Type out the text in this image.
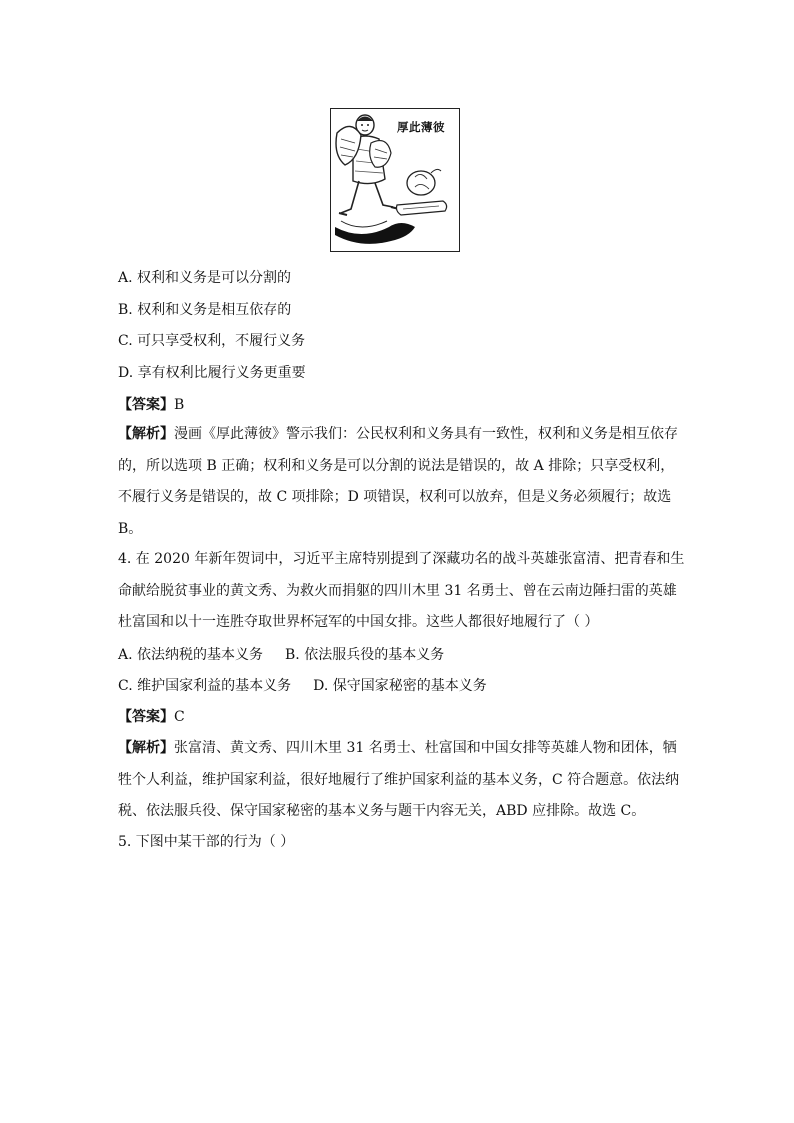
厚此薄彼
A. 权利和义务是可以分割的
B. 权利和义务是相互依存的
C. 可只享受权利，不履行义务
D. 享有权利比履行义务更重要
【答案】B
【解析】漫画《厚此薄彼》警示我们：公民权利和义务具有一致性，权利和义务是相互依存
的，所以选项 B 正确；权利和义务是可以分割的说法是错误的，故 A 排除；只享受权利，
不履行义务是错误的，故 C 项排除；D 项错误，权利可以放弃，但是义务必须履行；故选
B。
4. 在 2020 年新年贺词中，习近平主席特别提到了深藏功名的战斗英雄张富清、把青春和生
命献给脱贫事业的黄文秀、为救火而捐躯的四川木里 31 名勇士、曾在云南边陲扫雷的英雄
杜富国和以十一连胜夺取世界杯冠军的中国女排。这些人都很好地履行了（ ）
A. 依法纳税的基本义务 B. 依法服兵役的基本义务
C. 维护国家利益的基本义务 D. 保守国家秘密的基本义务
【答案】C
【解析】张富清、黄文秀、四川木里 31 名勇士、杜富国和中国女排等英雄人物和团体，牺
牲个人利益，维护国家利益，很好地履行了维护国家利益的基本义务，C 符合题意。依法纳
税、依法服兵役、保守国家秘密的基本义务与题干内容无关，ABD 应排除。故选 C。
5. 下图中某干部的行为（ ）
